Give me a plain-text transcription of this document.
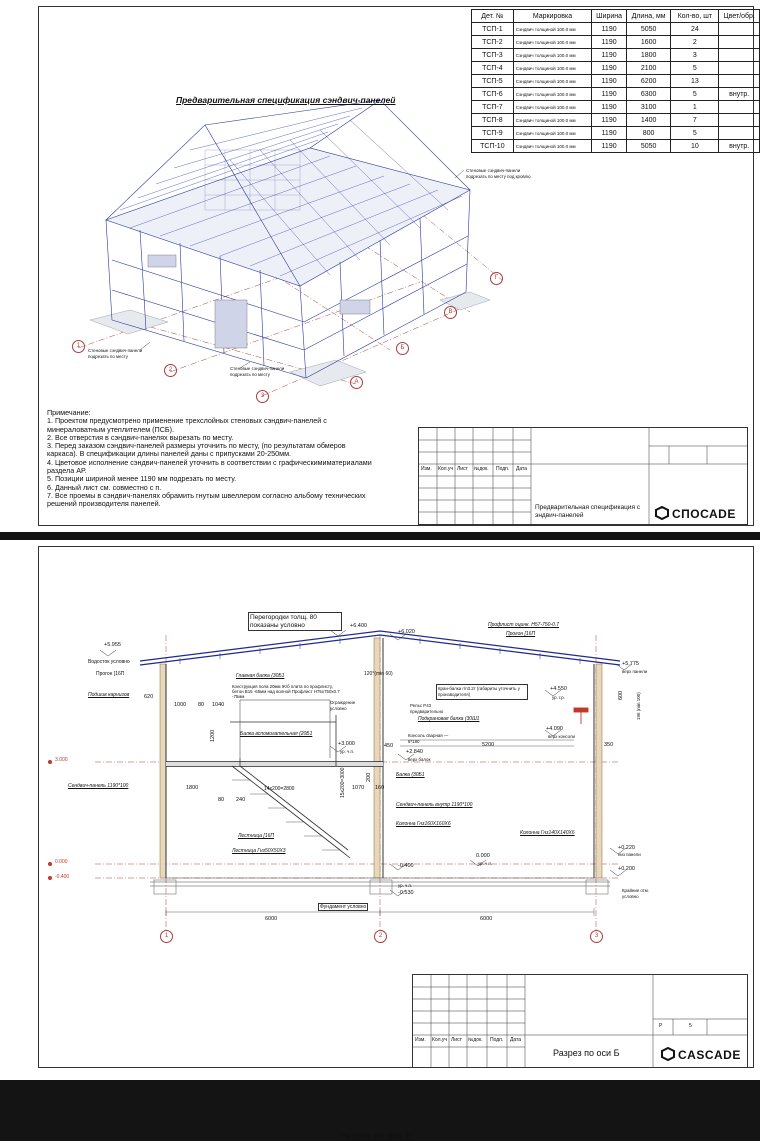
Дет. №	Маркировка	Ширина	Длина, мм	Кол-во, шт	Цвет/обр.
ТСП-1	Сэндвич толщиной 100.0 мм	1190	5050	24	
ТСП-2	Сэндвич толщиной 100.0 мм	1190	1600	2	
ТСП-3	Сэндвич толщиной 100.0 мм	1190	1800	3	
ТСП-4	Сэндвич толщиной 100.0 мм	1190	2100	5	
ТСП-5	Сэндвич толщиной 100.0 мм	1190	6200	13	
ТСП-6	Сэндвич толщиной 100.0 мм	1190	6300	5	внутр.
ТСП-7	Сэндвич толщиной 100.0 мм	1190	3100	1	
ТСП-8	Сэндвич толщиной 100.0 мм	1190	1400	7	
ТСП-9	Сэндвич толщиной 100.0 мм	1190	800	5	
ТСП-10	Сэндвич толщиной 100.0 мм	1190	5050	10	внутр.
Предварительная спецификация сэндвич-панелей
Стеновые сэндвич-панели подрезать по месту под кровлю
Стеновые сэндвич-панели подрезать по месту
Стеновые сэндвич-панели подрезать по месту
1
2
3
А
Б
В
Г
Примечание:
1. Проектом предусмотрено применение трехслойных стеновых сэндвич-панелей с
минераловатным утеплителем (ПСБ).
2. Все отверстия в сэндвич-панелях вырезать по месту.
3. Перед заказом сэндвич-панелей размеры уточнить по месту, (по результатам обмеров
каркаса). В спецификации длины панелей даны с припусками 20-250мм.
4. Цветовое исполнение сэндвич-панелей уточнить в соответствии с графическимиматериалами
раздела АР.
5. Позиции шириной менее 1190 мм подрезать по месту.
6. Данный лист см. совместно с п.
7. Все проемы в сэндвич-панелях обрамить гнутым швеллером согласно альбому технических
решений производителя панелей.
Изм. Кол.уч Лист №док. Подп. Дата
Предварительная спецификация с эндвич-панелей	СПОСАDЕ
Разрез по оси Б
3.000
0.000
-0.400
+6.400
+6.020
+5.955
+5.775
верх панели
+4.550
ур. г.р.
+4.090
верх консоли
+3.000
ур. ч.п.	+2.840
верх балок
+0.220
низ панели
0.000
ур. ч.п.
+0.200
-0.400
-0.530
ур. ч.п.
Перегородки толщ. 80 показаны условно	Профлист оцинк. Н57-750-0.7
Прогон [16П
Водосток условно
Прогон [16П
Подшив карнизов
Главная балка (30Б1
Конструкция пола 20мм Ж/б плита по профлисту, бетон В15 -65мм над волной Профлист Н75х750х0.7 -75мм
Ограждение условно
Балка вспомогательная (20Б1
Кран-балка г/п3.2т (габариты уточнить у производителя)
Рельс Р43 предварительно
Подкрановая балка (30Ш1
Консоль сварная — 8*180
Балка (30Б1
Сендвич-панель 1190*100
Сендвич-панель внутр 1190*100
Колонна Гнз160Х160Х6
Колонна Гнз140Х140Х6
Лестница [16П
Лестница Гнз50Х50Х3
Фундамент условно
Крайние отм. условно
14х200=2800	15х200=3000
120°(min 60)
620
1000 80 1040
1200
1800
80 240
160
1070
5200
450	350
600	196 (min 100)
200
6000	6000
1	2	3
Изм. Кол.уч Лист №док. Подп. Дата
Р	5
Разрез по оси Б	CASCADE
